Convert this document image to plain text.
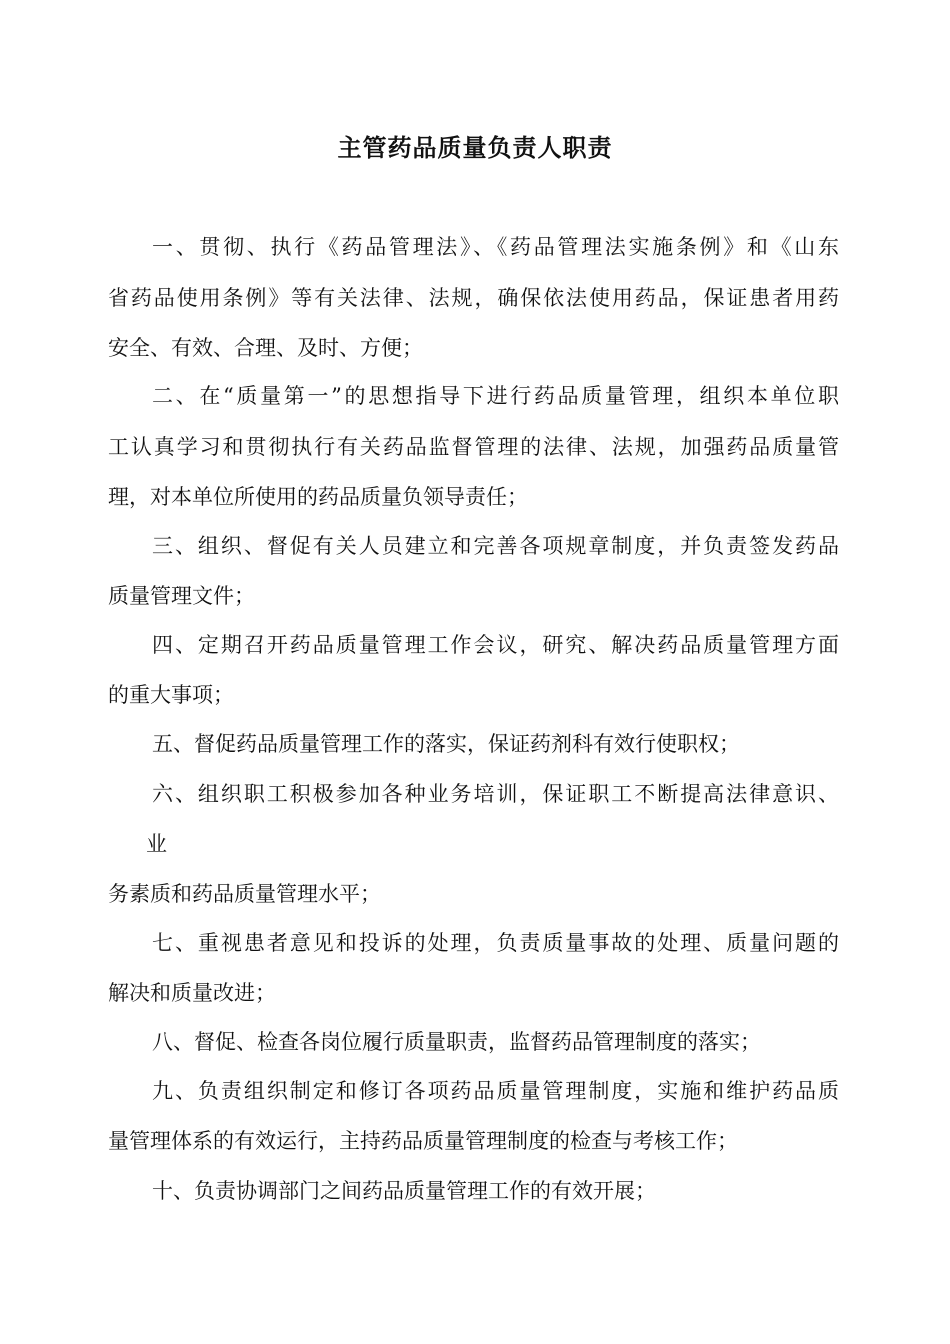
主管药品质量负责人职责
一、贯彻、执行《药品管理法》、《药品管理法实施条例》和《山东
省药品使用条例》等有关法律、法规，确保依法使用药品，保证患者用药
安全、有效、合理、及时、方便；
二、在“质量第一”的思想指导下进行药品质量管理，组织本单位职
工认真学习和贯彻执行有关药品监督管理的法律、法规，加强药品质量管
理，对本单位所使用的药品质量负领导责任；
三、组织、督促有关人员建立和完善各项规章制度，并负责签发药品
质量管理文件；
四、定期召开药品质量管理工作会议，研究、解决药品质量管理方面
的重大事项；
五、督促药品质量管理工作的落实，保证药剂科有效行使职权；
六、组织职工积极参加各种业务培训，保证职工不断提高法律意识、
业
务素质和药品质量管理水平；
七、重视患者意见和投诉的处理，负责质量事故的处理、质量问题的
解决和质量改进；
八、督促、检查各岗位履行质量职责，监督药品管理制度的落实；
九、负责组织制定和修订各项药品质量管理制度，实施和维护药品质
量管理体系的有效运行，主持药品质量管理制度的检查与考核工作；
十、负责协调部门之间药品质量管理工作的有效开展；
